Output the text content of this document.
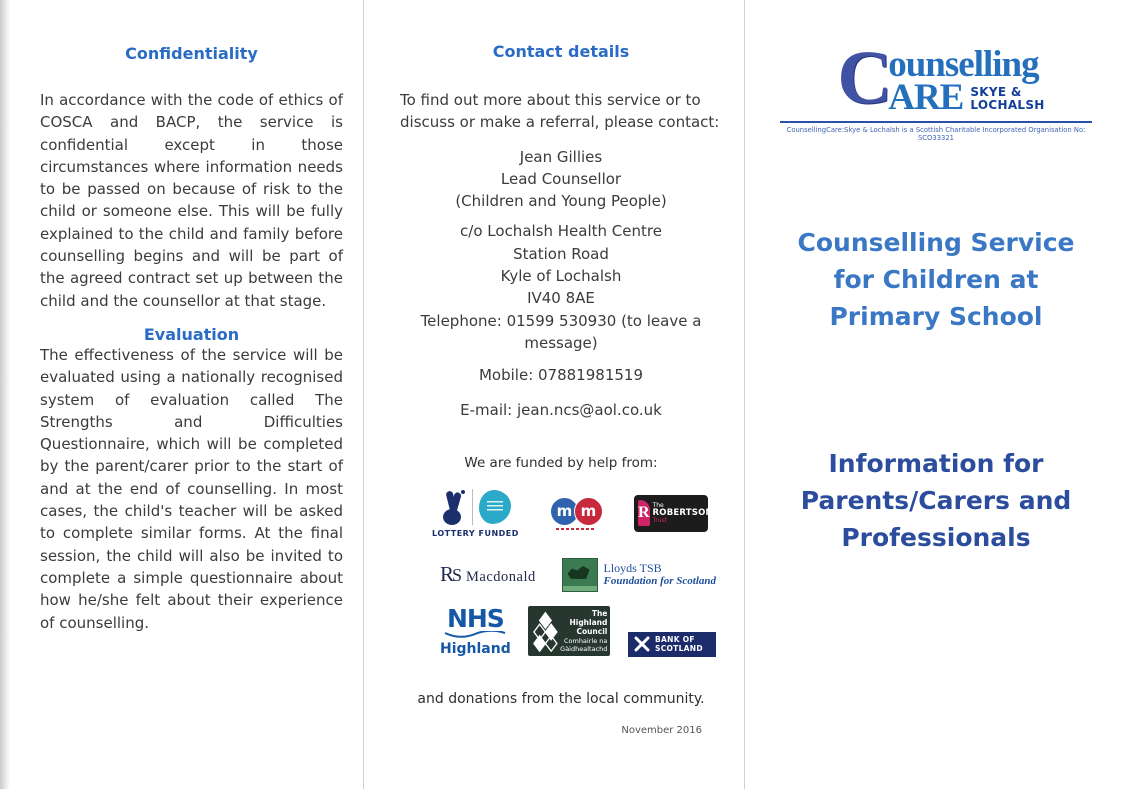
Confidentiality
In accordance with the code of ethics of COSCA and BACP, the service is confidential except in those circumstances where information needs to be passed on because of risk to the child or someone else. This will be fully explained to the child and family before counselling begins and will be part of the agreed contract set up between the child and the counsellor at that stage.
Evaluation
The effectiveness of the service will be evaluated using a nationally recognised system of evaluation called The Strengths and Difficulties Questionnaire, which will be completed by the parent/carer prior to the start of and at the end of counselling. In most cases, the child's teacher will be asked to complete similar forms. At the final session, the child will also be invited to complete a simple questionnaire about how he/she felt about their experience of counselling.
Contact details
To find out more about this service or to discuss or make a referral, please contact:
Jean Gillies
Lead Counsellor
(Children and Young People)
c/o Lochalsh Health Centre
Station Road
Kyle of Lochalsh
IV40 8AE
Telephone: 01599 530930 (to leave a message)
Mobile: 07881981519
E-mail: jean.ncs@aol.co.uk
We are funded by help from:
LOTTERY FUNDED
m m	R The
ROBERTSON
Trust
RS Macdonald
Lloyds TSB
Foundation for Scotland
NHS
Highland
The Highland
Council
Comhairle na
Gàidhealtachd
BANK OF
SCOTLAND
and donations from the local community.
November 2016
C
ounselling
ARE SKYE &
LOCHALSH
CounsellingCare:Skye & Lochalsh is a Scottish Charitable Incorporated Organisation No: SCO33321
Counselling Service for Children at Primary School
Information for Parents/Carers and Professionals
